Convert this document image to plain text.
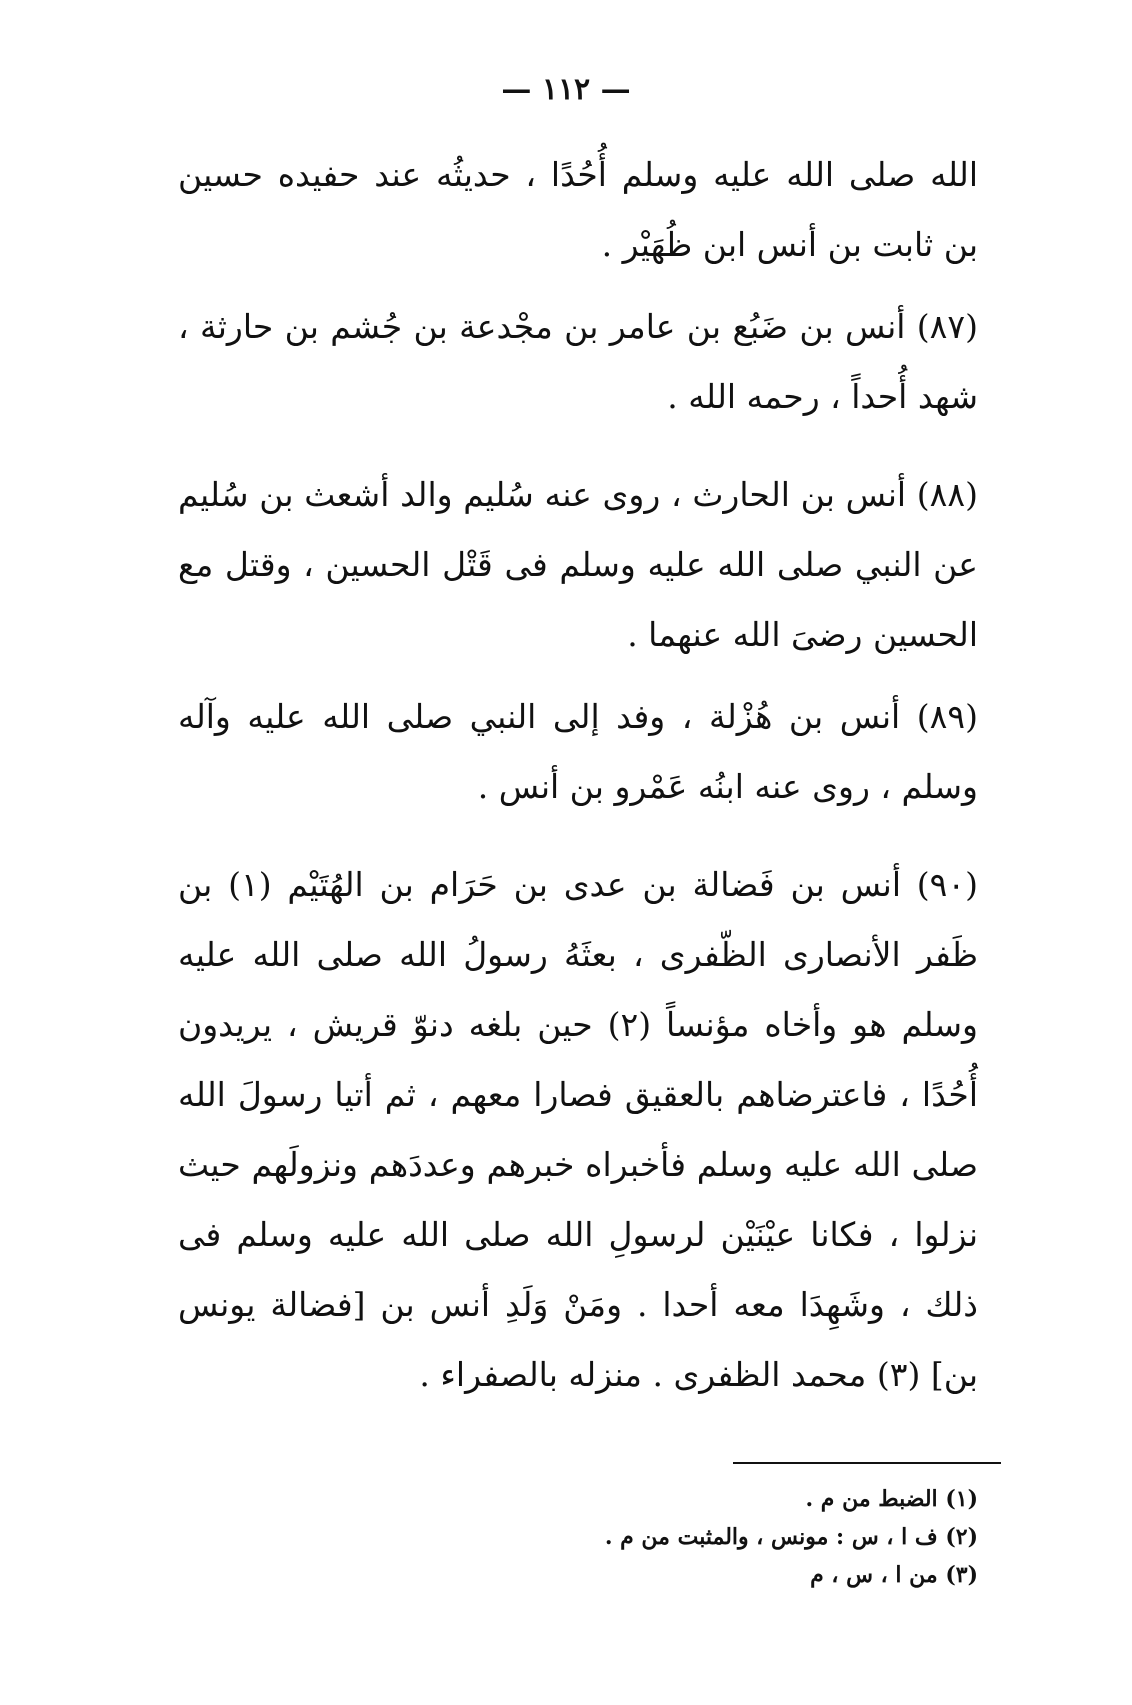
— ١١٢ —

الله صلى الله عليه وسلم أُحُدًا ، حديثُه عند حفيده حسين بن ثابت بن أنس ابن ظُهَيْر .

(٨٧) أنس بن ضَبُع بن عامر بن مجْدعة بن جُشم بن حارثة ، شهد أُحداً ، رحمه الله .

(٨٨) أنس بن الحارث ، روى عنه سُليم والد أشعث بن سُليم عن النبي صلى الله عليه وسلم فى قَتْل الحسين ، وقتل مع الحسين رضىَ الله عنهما .

(٨٩) أنس بن هُزْلة ، وفد إلى النبي صلى الله عليه وآله وسلم ، روى عنه ابنُه عَمْرو بن أنس .

(٩٠) أنس بن فَضالة بن عدى بن حَرَام بن الهُتَيْم (١) بن ظَفر الأنصارى الظّفرى ، بعثَهُ رسولُ الله صلى الله عليه وسلم هو وأخاه مؤنساً (٢) حين بلغه دنوّ قريش ، يريدون أُحُدًا ، فاعترضاهم بالعقيق فصارا معهم ، ثم أتيا رسولَ الله صلى الله عليه وسلم فأخبراه خبرهم وعددَهم ونزولَهم حيث نزلوا ، فكانا عيْنَيْن لرسولِ الله صلى الله عليه وسلم فى ذلك ، وشَهِدَا معه أحدا . ومَنْ وَلَدِ أنس بن [فضالة يونس بن] (٣) محمد الظفرى . منزله بالصفراء .

(١) الضبط من م .
(٢) ف ا ، س : مونس ، والمثبت من م .
(٣) من ا ، س ، م
